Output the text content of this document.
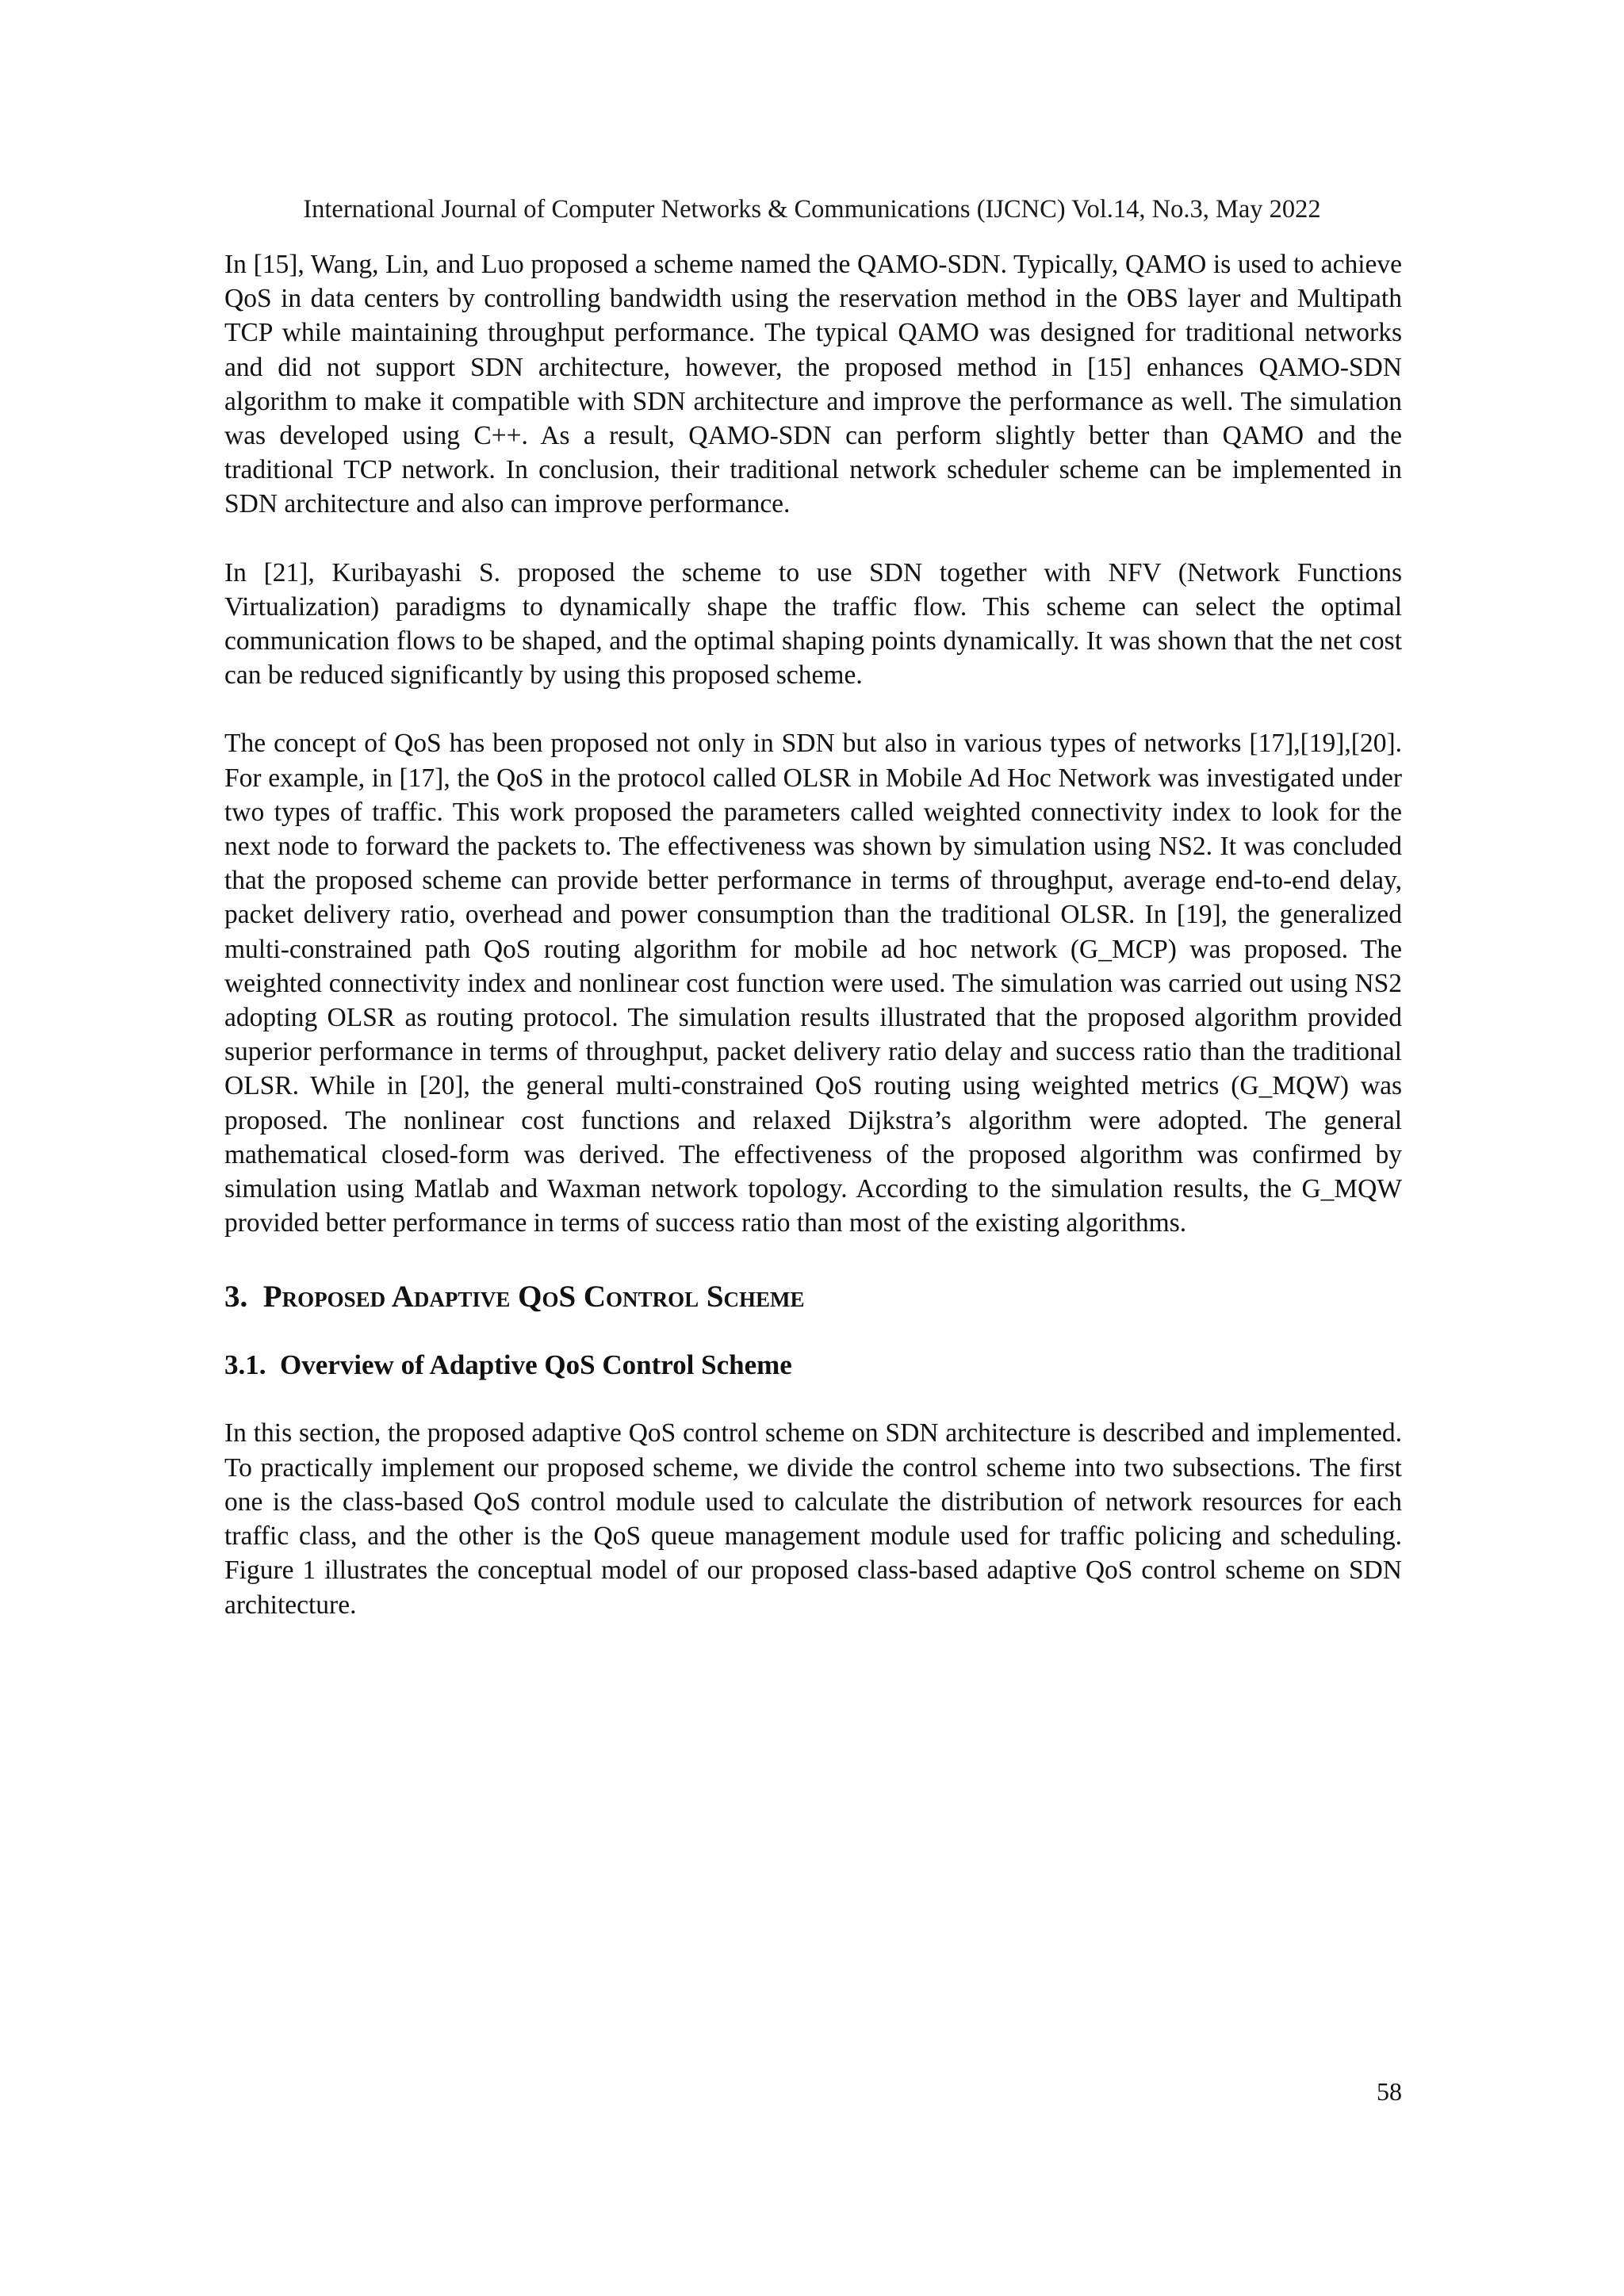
International Journal of Computer Networks & Communications (IJCNC) Vol.14, No.3, May 2022

In [15], Wang, Lin, and Luo proposed a scheme named the QAMO-SDN. Typically, QAMO is used to achieve QoS in data centers by controlling bandwidth using the reservation method in the OBS layer and Multipath TCP while maintaining throughput performance. The typical QAMO was designed for traditional networks and did not support SDN architecture, however, the proposed method in [15] enhances QAMO-SDN algorithm to make it compatible with SDN architecture and improve the performance as well. The simulation was developed using C++. As a result, QAMO-SDN can perform slightly better than QAMO and the traditional TCP network. In conclusion, their traditional network scheduler scheme can be implemented in SDN architecture and also can improve performance.

In [21], Kuribayashi S. proposed the scheme to use SDN together with NFV (Network Functions Virtualization) paradigms to dynamically shape the traffic flow. This scheme can select the optimal communication flows to be shaped, and the optimal shaping points dynamically. It was shown that the net cost can be reduced significantly by using this proposed scheme.

The concept of QoS has been proposed not only in SDN but also in various types of networks [17],[19],[20]. For example, in [17], the QoS in the protocol called OLSR in Mobile Ad Hoc Network was investigated under two types of traffic. This work proposed the parameters called weighted connectivity index to look for the next node to forward the packets to. The effectiveness was shown by simulation using NS2. It was concluded that the proposed scheme can provide better performance in terms of throughput, average end-to-end delay, packet delivery ratio, overhead and power consumption than the traditional OLSR. In [19], the generalized multi-constrained path QoS routing algorithm for mobile ad hoc network (G_MCP) was proposed. The weighted connectivity index and nonlinear cost function were used. The simulation was carried out using NS2 adopting OLSR as routing protocol. The simulation results illustrated that the proposed algorithm provided superior performance in terms of throughput, packet delivery ratio delay and success ratio than the traditional OLSR. While in [20], the general multi-constrained QoS routing using weighted metrics (G_MQW) was proposed. The nonlinear cost functions and relaxed Dijkstra’s algorithm were adopted. The general mathematical closed-form was derived. The effectiveness of the proposed algorithm was confirmed by simulation using Matlab and Waxman network topology. According to the simulation results, the G_MQW provided better performance in terms of success ratio than most of the existing algorithms.

3. Proposed Adaptive QoS Control Scheme
3.1. Overview of Adaptive QoS Control Scheme

In this section, the proposed adaptive QoS control scheme on SDN architecture is described and implemented. To practically implement our proposed scheme, we divide the control scheme into two subsections. The first one is the class-based QoS control module used to calculate the distribution of network resources for each traffic class, and the other is the QoS queue management module used for traffic policing and scheduling. Figure 1 illustrates the conceptual model of our proposed class-based adaptive QoS control scheme on SDN architecture.

58
